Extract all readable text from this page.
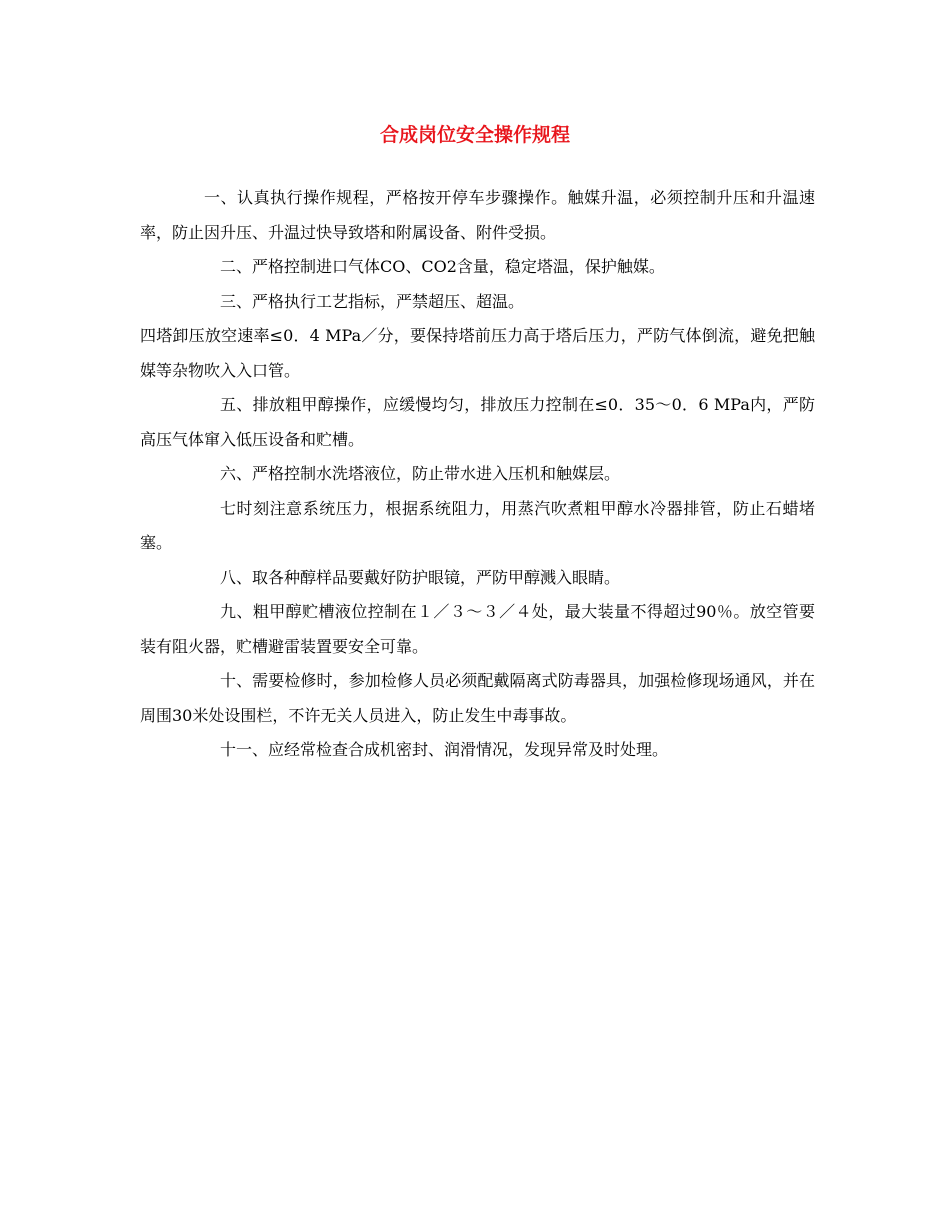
合成岗位安全操作规程

一、认真执行操作规程，严格按开停车步骤操作。触媒升温，必须控制升压和升温速率，防止因升压、升温过快导致塔和附属设备、附件受损。

二、严格控制进口气体CO、CO2含量，稳定塔温，保护触媒。

三、严格执行工艺指标，严禁超压、超温。

四塔卸压放空速率≤0．4 MPa／分，要保持塔前压力高于塔后压力，严防气体倒流，避免把触媒等杂物吹入入口管。

五、排放粗甲醇操作，应缓慢均匀，排放压力控制在≤0．35～0．6 MPa内，严防高压气体窜入低压设备和贮槽。

六、严格控制水洗塔液位，防止带水进入压机和触媒层。

七时刻注意系统压力，根据系统阻力，用蒸汽吹煮粗甲醇水冷器排管，防止石蜡堵塞。

八、取各种醇样品要戴好防护眼镜，严防甲醇溅入眼睛。

九、粗甲醇贮槽液位控制在１／３～３／４处，最大装量不得超过90％。放空管要装有阻火器，贮槽避雷装置要安全可靠。

十、需要检修时，参加检修人员必须配戴隔离式防毒器具，加强检修现场通风，并在周围30米处设围栏，不许无关人员进入，防止发生中毒事故。

十一、应经常检查合成机密封、润滑情况，发现异常及时处理。
